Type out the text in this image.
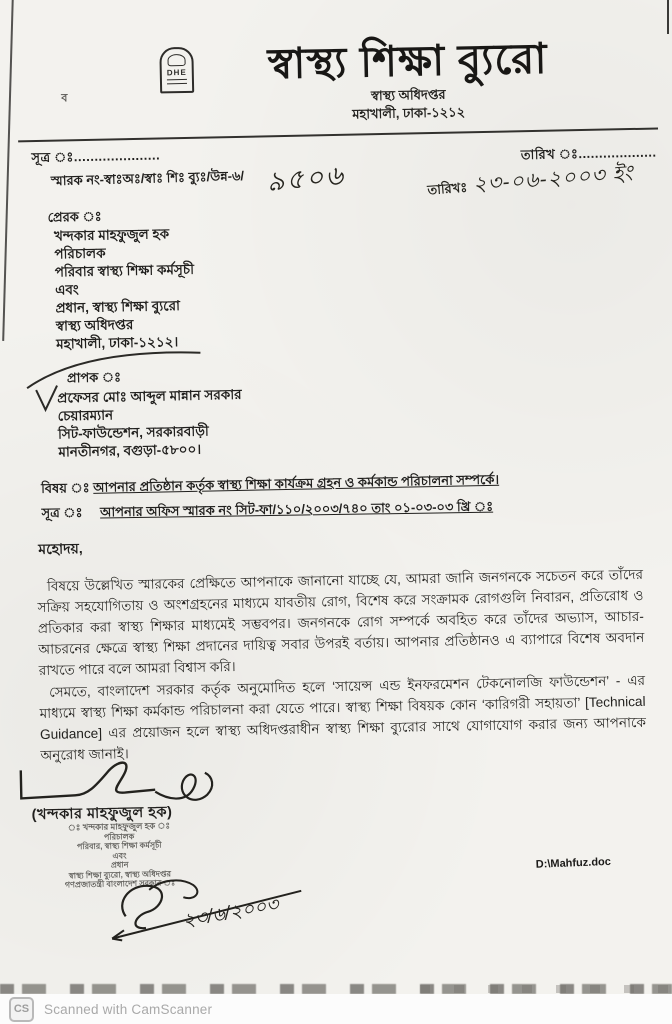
DHE	স্বাস্থ্য শিক্ষা ব্যুরো
স্বাস্থ্য অধিদপ্তর
মহাখালী, ঢাকা-১২১২
ব
সূত্র ঃ.....................	তারিখ ঃ...................
স্মারক নং-স্বাঃঅঃ/স্বাঃ শিঃ ব্যুঃ/উন্ন-৬/ ৯৫০৬	তারিখঃ ২৩-০৬-২০০৩ ইং
প্রেরক ঃ
খন্দকার মাহফুজুল হক
পরিচালক
পরিবার স্বাস্থ্য শিক্ষা কর্মসূচী
এবং
প্রধান, স্বাস্থ্য শিক্ষা ব্যুরো
স্বাস্থ্য অধিদপ্তর
মহাখালী, ঢাকা-১২১২।
প্রাপক ঃ
প্রফেসর মোঃ আব্দুল মান্নান সরকার
চেয়ারম্যান
সিট-ফাউন্ডেশন, সরকারবাড়ী
মানতীনগর, বগুড়া-৫৮০০।
বিষয় ঃ আপনার প্রতিষ্ঠান কর্তৃক স্বাস্থ্য শিক্ষা কার্যক্রম গ্রহন ও কর্মকান্ড পরিচালনা সম্পর্কে।
সূত্র ঃ আপনার অফিস স্মারক নং সিট-ফা/১১০/২০০৩/৭৪০ তাং ০১-০৩-০৩ খ্রি ঃ
মহোদয়,

বিষয়ে উল্লেখিত স্মারকের প্রেক্ষিতে আপনাকে জানানো যাচ্ছে যে, আমরা জানি জনগনকে সচেতন করে তাঁদের সক্রিয় সহযোগিতায় ও অংশগ্রহনের মাধ্যমে যাবতীয় রোগ, বিশেষ করে সংক্রামক রোগগুলি নিবারন, প্রতিরোধ ও প্রতিকার করা স্বাস্থ্য শিক্ষার মাধ্যমেই সম্ভবপর। জনগনকে রোগ সম্পর্কে অবহিত করে তাঁদের অভ্যাস, আচার-আচরনের ক্ষেত্রে স্বাস্থ্য শিক্ষা প্রদানের দায়িত্ব সবার উপরই বর্তায়। আপনার প্রতিষ্ঠানও এ ব্যাপারে বিশেষ অবদান রাখতে পারে বলে আমরা বিশ্বাস করি।

সেমতে, বাংলাদেশ সরকার কর্তৃক অনুমোদিত হলে ‘সায়েন্স এন্ড ইনফরমেশন টেকনোলজি ফাউন্ডেশন’ - এর মাধ্যমে স্বাস্থ্য শিক্ষা কর্মকান্ড পরিচালনা করা যেতে পারে। স্বাস্থ্য শিক্ষা বিষয়ক কোন ‘কারিগরী সহায়তা’ [Technical Guidance] এর প্রয়োজন হলে স্বাস্থ্য অধিদপ্তরাধীন স্বাস্থ্য শিক্ষা ব্যুরোর সাথে যোগাযোগ করার জন্য আপনাকে অনুরোধ জানাই।

(খন্দকার মাহফুজুল হক)
ঃ খন্দকার মাহফুজুল হক ঃ
পরিচালক
পরিবার, স্বাস্থ্য শিক্ষা কর্মসূচী
এবং
প্রধান
স্বাস্থ্য শিক্ষা ব্যুরো, স্বাস্থ্য অধিদপ্তর
গণপ্রজাতন্ত্রী বাংলাদেশ সরকার ঃ
D:\Mahfuz.doc
২৩/৬/২০০৩
CS	Scanned with CamScanner
